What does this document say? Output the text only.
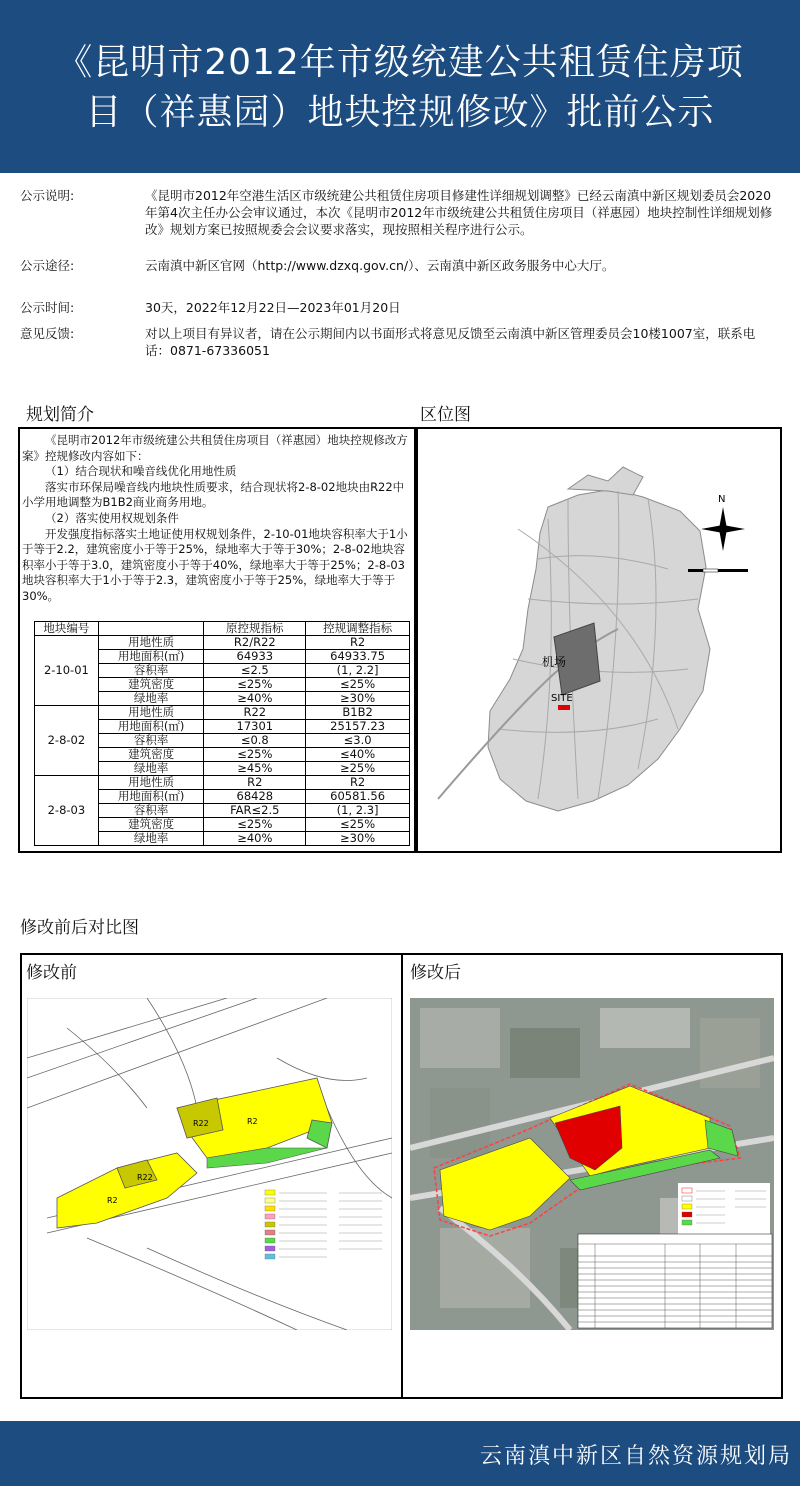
《昆明市2012年市级统建公共租赁住房项
目（祥惠园）地块控规修改》批前公示
公示说明:	《昆明市2012年空港生活区市级统建公共租赁住房项目修建性详细规划调整》已经云南滇中新区规划委员会2020年第4次主任办公会审议通过，本次《昆明市2012年市级统建公共租赁住房项目（祥惠园）地块控制性详细规划修改》规划方案已按照规委会会议要求落实，现按照相关程序进行公示。
公示途径:	云南滇中新区官网（http://www.dzxq.gov.cn/）、云南滇中新区政务服务中心大厅。
公示时间:	30天，2022年12月22日—2023年01月20日
意见反馈:	对以上项目有异议者，请在公示期间内以书面形式将意见反馈至云南滇中新区管理委员会10楼1007室，联系电话：0871-67336051
规划简介	区位图

《昆明市2012年市级统建公共租赁住房项目（祥惠园）地块控规修改方案》控规修改内容如下：

（1）结合现状和噪音线优化用地性质

落实市环保局噪音线内地块性质要求，结合现状将2-8-02地块由R22中小学用地调整为B1B2商业商务用地。

（2）落实使用权规划条件

开发强度指标落实土地证使用权规划条件，2-10-01地块容积率大于1小于等于2.2，建筑密度小于等于25%，绿地率大于等于30%；2-8-02地块容积率小于等于3.0，建筑密度小于等于40%，绿地率大于等于25%；2-8-03地块容积率大于1小于等于2.3，建筑密度小于等于25%，绿地率大于等于30%。

地块编号		原控规指标	控规调整指标
2-10-01	用地性质	R2/R22	R2
	用地面积(㎡)	64933	64933.75
	容积率	≤2.5	(1, 2.2]
	建筑密度	≤25%	≤25%
	绿地率	≥40%	≥30%
2-8-02	用地性质	R22	B1B2
	用地面积(㎡)	17301	25157.23
	容积率	≤0.8	≤3.0
	建筑密度	≤25%	≤40%
	绿地率	≥45%	≥25%
2-8-03	用地性质	R2	R2
	用地面积(㎡)	68428	60581.56
	容积率	FAR≤2.5	(1, 2.3]
	建筑密度	≤25%	≤25%
	绿地率	≥40%	≥30%
机场
SITE
N
修改前后对比图
修改前	修改后
R22
R22
R2
R2
云南滇中新区自然资源规划局
